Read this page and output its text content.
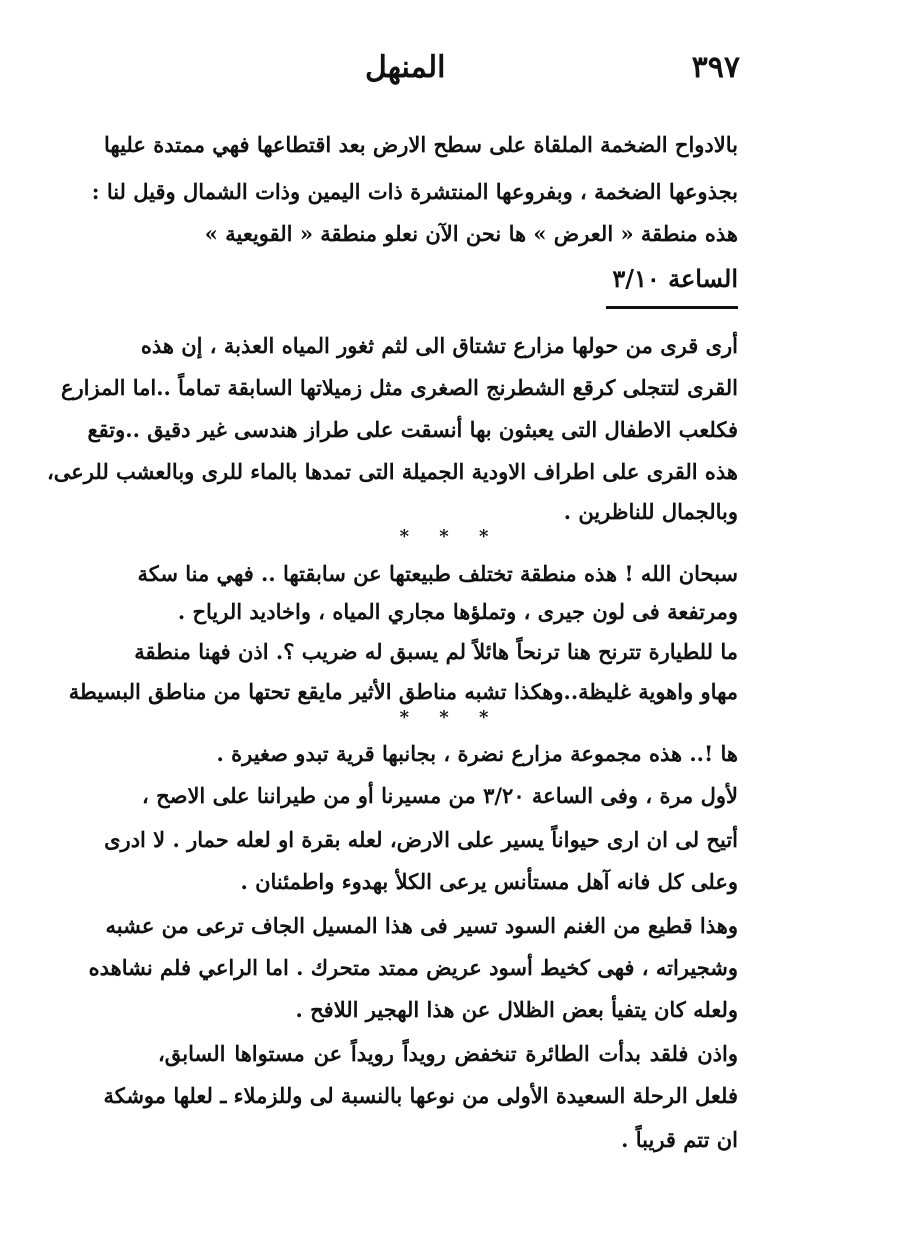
٣٩٧
المنهل
بالادواح الضخمة الملقاة على سطح الارض بعد اقتطاعها فهي ممتدة عليها
بجذوعها الضخمة ، وبفروعها المنتشرة ذات اليمين وذات الشمال وقيل لنا :
هذه منطقة « العرض » ها نحن الآن نعلو منطقة « القويعية »
الساعة ٣/١٠
أرى قرى من حولها مزارع تشتاق الى لثم ثغور المياه العذبة ، إن هذه
القرى لتتجلى كرقع الشطرنج الصغرى مثل زميلاتها السابقة تماماً ..اما المزارع
فكلعب الاطفال التى يعبثون بها أنسقت على طراز هندسى غير دقيق ..وتقع
هذه القرى على اطراف الاودية الجميلة التى تمدها بالماء للرى وبالعشب للرعى،
وبالجمال للناظرين .
* * *
سبحان الله ! هذه منطقة تختلف طبيعتها عن سابقتها .. فهي منا سكة
ومرتفعة فى لون جيرى ، وتملؤها مجاري المياه ، واخاديد الرياح .
ما للطيارة تترنح هنا ترنحاً هائلاً لم يسبق له ضريب ؟. اذن فهنا منطقة
مهاو واهوية غليظة..وهكذا تشبه مناطق الأثير مايقع تحتها من مناطق البسيطة
* * *
ها !.. هذه مجموعة مزارع نضرة ، بجانبها قرية تبدو صغيرة .
لأول مرة ، وفى الساعة ٣/٢٠ من مسيرنا أو من طيراننا على الاصح ،
أتيح لى ان ارى حيواناً يسير على الارض، لعله بقرة او لعله حمار . لا ادرى
وعلى كل فانه آهل مستأنس يرعى الكلأ بهدوء واطمئنان .
وهذا قطيع من الغنم السود تسير فى هذا المسيل الجاف ترعى من عشبه
وشجيراته ، فهى كخيط أسود عريض ممتد متحرك . اما الراعي فلم نشاهده
ولعله كان يتفيأ بعض الظلال عن هذا الهجير اللافح .
واذن فلقد بدأت الطائرة تنخفض رويداً رويداً عن مستواها السابق،
فلعل الرحلة السعيدة الأولى من نوعها بالنسبة لى وللزملاء ـ لعلها موشكة
ان تتم قريباً .
